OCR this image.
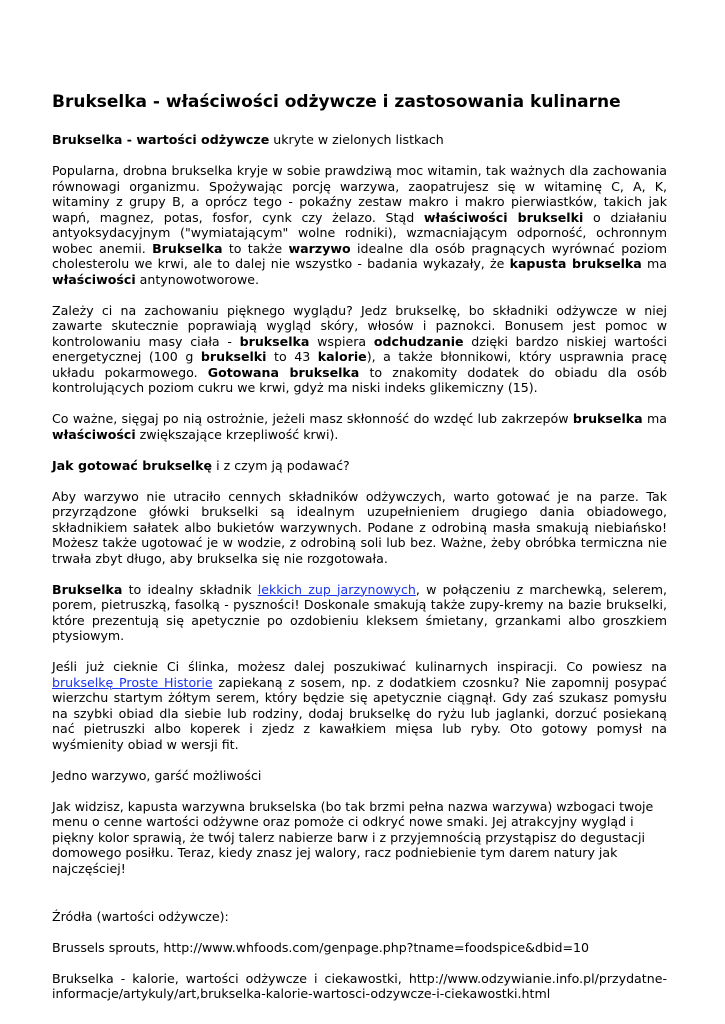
Brukselka - właściwości odżywcze i zastosowania kulinarne

Brukselka - wartości odżywcze ukryte w zielonych listkach

Popularna, drobna brukselka kryje w sobie prawdziwą moc witamin, tak ważnych dla zachowania równowagi organizmu. Spożywając porcję warzywa, zaopatrujesz się w witaminę C, A, K, witaminy z grupy B, a oprócz tego - pokaźny zestaw makro i makro pierwiastków, takich jak wapń, magnez, potas, fosfor, cynk czy żelazo. Stąd właściwości brukselki o działaniu antyoksydacyjnym ("wymiatającym" wolne rodniki), wzmacniającym odporność, ochronnym wobec anemii. Brukselka to także warzywo idealne dla osób pragnących wyrównać poziom cholesterolu we krwi, ale to dalej nie wszystko - badania wykazały, że kapusta brukselka ma właściwości antynowotworowe.

Zależy ci na zachowaniu pięknego wyglądu? Jedz brukselkę, bo składniki odżywcze w niej zawarte skutecznie poprawiają wygląd skóry, włosów i paznokci. Bonusem jest pomoc w kontrolowaniu masy ciała - brukselka wspiera odchudzanie dzięki bardzo niskiej wartości energetycznej (100 g brukselki to 43 kalorie), a także błonnikowi, który usprawnia pracę układu pokarmowego. Gotowana brukselka to znakomity dodatek do obiadu dla osób kontrolujących poziom cukru we krwi, gdyż ma niski indeks glikemiczny (15).

Co ważne, sięgaj po nią ostrożnie, jeżeli masz skłonność do wzdęć lub zakrzepów brukselka ma właściwości zwiększające krzepliwość krwi).

Jak gotować brukselkę i z czym ją podawać?

Aby warzywo nie utraciło cennych składników odżywczych, warto gotować je na parze. Tak przyrządzone główki brukselki są idealnym uzupełnieniem drugiego dania obiadowego, składnikiem sałatek albo bukietów warzywnych. Podane z odrobiną masła smakują niebiańsko! Możesz także ugotować je w wodzie, z odrobiną soli lub bez. Ważne, żeby obróbka termiczna nie trwała zbyt długo, aby brukselka się nie rozgotowała.

Brukselka to idealny składnik lekkich zup jarzynowych, w połączeniu z marchewką, selerem, porem, pietruszką, fasolką - pyszności! Doskonale smakują także zupy-kremy na bazie brukselki, które prezentują się apetycznie po ozdobieniu kleksem śmietany, grzankami albo groszkiem ptysiowym.

Jeśli już cieknie Ci ślinka, możesz dalej poszukiwać kulinarnych inspiracji. Co powiesz na brukselkę Proste Historie zapiekaną z sosem, np. z dodatkiem czosnku? Nie zapomnij posypać wierzchu startym żółtym serem, który będzie się apetycznie ciągnął. Gdy zaś szukasz pomysłu na szybki obiad dla siebie lub rodziny, dodaj brukselkę do ryżu lub jaglanki, dorzuć posiekaną nać pietruszki albo koperek i zjedz z kawałkiem mięsa lub ryby. Oto gotowy pomysł na wyśmienity obiad w wersji fit.

Jedno warzywo, garść możliwości

Jak widzisz, kapusta warzywna brukselska (bo tak brzmi pełna nazwa warzywa) wzbogaci twoje menu o cenne wartości odżywne oraz pomoże ci odkryć nowe smaki. Jej atrakcyjny wygląd i piękny kolor sprawią, że twój talerz nabierze barw i z przyjemnością przystąpisz do degustacji domowego posiłku. Teraz, kiedy znasz jej walory, racz podniebienie tym darem natury jak najczęściej!

Źródła (wartości odżywcze):

Brussels sprouts, http://www.whfoods.com/genpage.php?tname=foodspice&dbid=10

Brukselka - kalorie, wartości odżywcze i ciekawostki, http://www.odzywianie.info.pl/przydatne-informacje/artykuly/art,brukselka-kalorie-wartosci-odzywcze-i-ciekawostki.html
